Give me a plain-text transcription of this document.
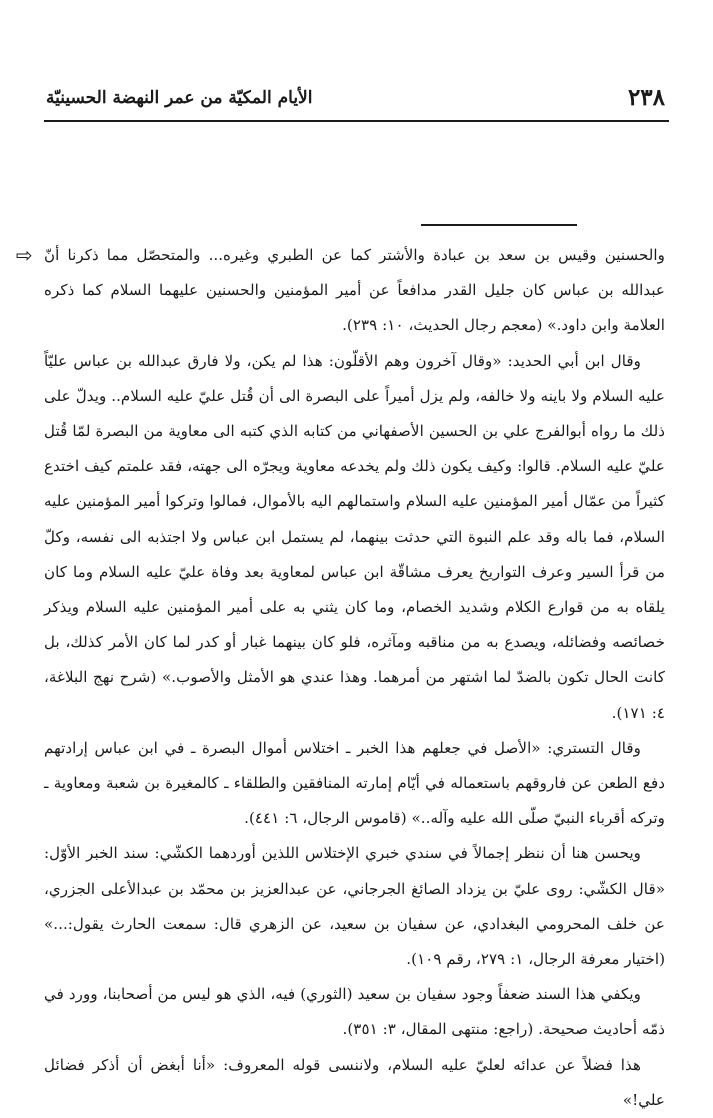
٢٣٨
الأيام المكيّة من عمر النهضة الحسينيّة
⇨ والحسنين وقيس بن سعد بن عبادة والأشتر كما عن الطبري وغيره... والمتحصّل مما ذكرنا أنّ عبدالله بن عباس كان جليل القدر مدافعاً عن أمير المؤمنين والحسنين عليهما السلام كما ذكره العلامة وابن داود.» (معجم رجال الحديث، ١٠: ٢٣٩).

وقال ابن أبي الحديد: «وقال آخرون وهم الأقلّون: هذا لم يكن، ولا فارق عبدالله بن عباس عليّاً عليه السلام ولا باينه ولا خالفه، ولم يزل أميراً على البصرة الى أن قُتل عليّ عليه السلام.. ويدلّ على ذلك ما رواه أبوالفرج علي بن الحسين الأصفهاني من كتابه الذي كتبه الى معاوية من البصرة لمّا قُتل عليّ عليه السلام. قالوا: وكيف يكون ذلك ولم يخدعه معاوية ويجرّه الى جهته، فقد علمتم كيف اختدع كثيراً من عمّال أمير المؤمنين عليه السلام واستمالهم اليه بالأموال، فمالوا وتركوا أمير المؤمنين عليه السلام، فما باله وقد علم النبوة التي حدثت بينهما، لم يستمل ابن عباس ولا اجتذبه الى نفسه، وكلّ من قرأ السير وعرف التواريخ يعرف مشاقّة ابن عباس لمعاوية بعد وفاة عليّ عليه السلام وما كان يلقاه به من قوارع الكلام وشديد الخصام، وما كان يثني به على أمير المؤمنين عليه السلام ويذكر خصائصه وفضائله، ويصدع به من مناقبه ومآثره، فلو كان بينهما غبار أو كدر لما كان الأمر كذلك، بل كانت الحال تكون بالضدّ لما اشتهر من أمرهما. وهذا عندي هو الأمثل والأصوب.» (شرح نهج البلاغة، ٤: ١٧١).

وقال التستري: «الأصل في جعلهم هذا الخبر ـ اختلاس أموال البصرة ـ في ابن عباس إرادتهم دفع الطعن عن فاروقهم باستعماله في أيّام إمارته المنافقين والطلقاء ـ كالمغيرة بن شعبة ومعاوية ـ وتركه أقرباء النبيّ صلّى الله عليه وآله..» (قاموس الرجال، ٦: ٤٤١).

ويحسن هنا أن ننظر إجمالاً في سندي خبري الإختلاس اللذين أوردهما الكشّي: سند الخبر الأوّل: «قال الكشّي: روى عليّ بن يزداد الصائغ الجرجاني، عن عبدالعزيز بن محمّد بن عبدالأعلى الجزري، عن خلف المحرومي البغدادي، عن سفيان بن سعيد، عن الزهري قال: سمعت الحارث يقول:...» (اختيار معرفة الرجال، ١: ٢٧٩، رقم ١٠٩).

ويكفي هذا السند ضعفاً وجود سفيان بن سعيد (الثوري) فيه، الذي هو ليس من أصحابنا، وورد في ذمّه أحاديث صحيحة. (راجع: منتهى المقال، ٣: ٣٥١).

هذا فضلاً عن عدائه لعليّ عليه السلام، ولاننسى قوله المعروف: «أنا أبغض أن أذكر فضائل علي!»
